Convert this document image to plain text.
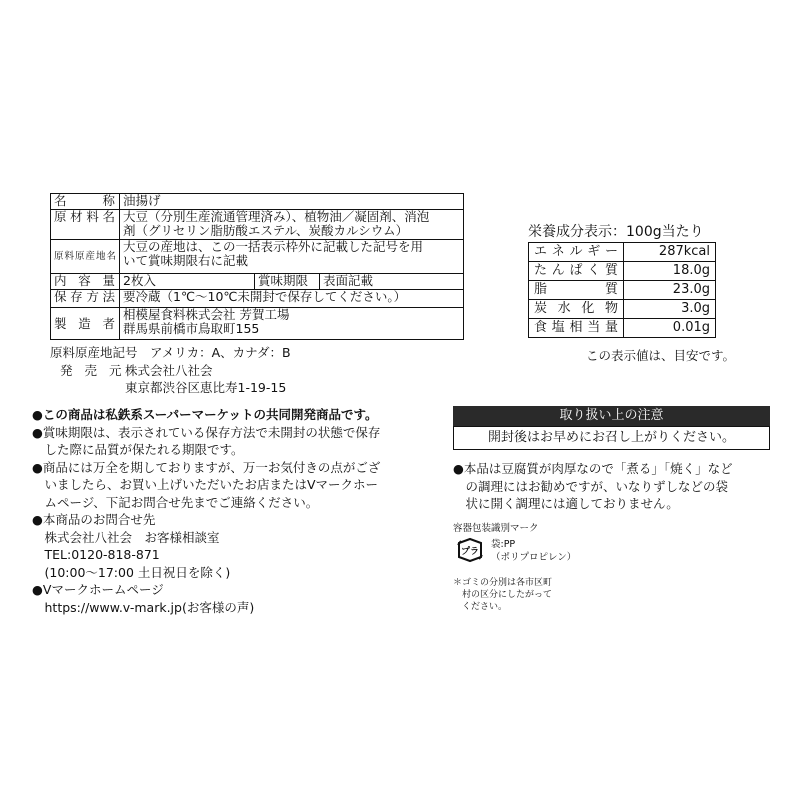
名　　称	油揚げ		
原材料名	大豆（分別生産流通管理済み）、植物油／凝固剤、消泡
剤（グリセリン脂肪酸エステル、炭酸カルシウム）		

原料原産地名	大豆の産地は、この一括表示枠外に記載した記号を用
いて賞味期限右に記載		

内 容 量	2枚入	賞味期限	表面記載
保存方法	要冷蔵（1℃～10℃未開封で保存してください。）		
製 造 者	相模屋食料株式会社 芳賀工場
群馬県前橋市鳥取町155		
原料原産地記号　アメリカ：A、カナダ：B
発 売 元 株式会社八社会
東京都渋谷区恵比寿1-19-15
栄養成分表示：100g当たり
エネルギー	287kcal
たんぱく質	18.0g
脂　　質	23.0g
炭水化物	3.0g
食塩相当量	0.01g
この表示値は、目安です。
●この商品は私鉄系スーパーマーケットの共同開発商品です。
●賞味期限は、表示されている保存方法で未開封の状態で保存
　した際に品質が保たれる期限です。
●商品には万全を期しておりますが、万一お気付きの点がござ
　いましたら、お買い上げいただいたお店またはVマークホー
　ムページ、下記お問合せ先までご連絡ください。
●本商品のお問合せ先
　株式会社八社会　お客様相談室
　TEL:0120-818-871
　(10:00～17:00 土日祝日を除く)
●Vマークホームページ
　https://www.v-mark.jp(お客様の声)
取り扱い上の注意
開封後はお早めにお召し上がりください。
●本品は豆腐質が肉厚なので「煮る」「焼く」など
　の調理にはお勧めですが、いなりずしなどの袋
　状に開く調理には適しておりません。
容器包装識別マーク
プラ
袋:PP
（ポリプロピレン）
＊ゴミの分別は各市区町
　村の区分にしたがって
　ください。
